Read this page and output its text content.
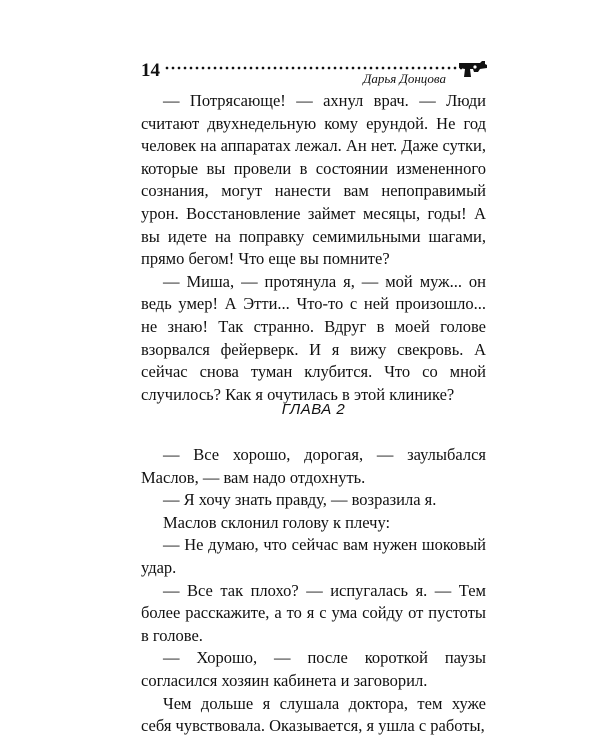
14	Дарья Донцова

— Потрясающе! — ахнул врач. — Люди считают двухнедельную кому ерундой. Не год человек на аппаратах лежал. Ан нет. Даже сутки, которые вы провели в состоянии измененного сознания, могут нанести вам непоправимый урон. Восстановление займет месяцы, годы! А вы идете на поправку семимильными шагами, прямо бегом! Что еще вы помните?

— Миша, — протянула я, — мой муж... он ведь умер! А Этти... Что-то с ней произошло... не знаю! Так странно. Вдруг в моей голове взорвался фейерверк. И я вижу свекровь. А сейчас снова туман клубится. Что со мной случилось? Как я очутилась в этой клинике?

ГЛАВА 2

— Все хорошо, дорогая, — заулыбался Маслов, — вам надо отдохнуть.

— Я хочу знать правду, — возразила я.

Маслов склонил голову к плечу:

— Не думаю, что сейчас вам нужен шоковый удар.

— Все так плохо? — испугалась я. — Тем более расскажите, а то я с ума сойду от пустоты в голове.

— Хорошо, — после короткой паузы согласился хозяин кабинета и заговорил.

Чем дольше я слушала доктора, тем хуже себя чувствовала. Оказывается, я ушла с работы,
